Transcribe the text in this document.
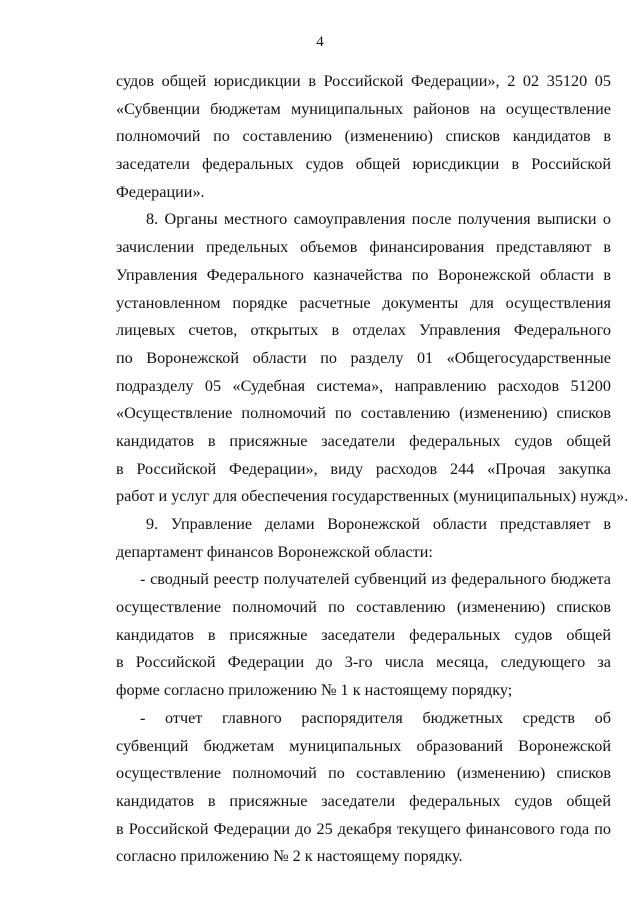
4
судов общей юрисдикции в Российской Федерации», 2 02 35120 05
«Субвенции бюджетам муниципальных районов на осуществление
полномочий по составлению (изменению) списков кандидатов в
заседатели федеральных судов общей юрисдикции в Российской
Федерации».
8. Органы местного самоуправления после получения выписки о
зачислении предельных объемов финансирования представляют в
Управления Федерального казначейства по Воронежской области в
установленном порядке расчетные документы для осуществления
лицевых счетов, открытых в отделах Управления Федерального
по Воронежской области по разделу 01 «Общегосударственные
подразделу 05 «Судебная система», направлению расходов 51200
«Осуществление полномочий по составлению (изменению) списков
кандидатов в присяжные заседатели федеральных судов общей
в Российской Федерации», виду расходов 244 «Прочая закупка
работ и услуг для обеспечения государственных (муниципальных) нужд».
9. Управление делами Воронежской области представляет в
департамент финансов Воронежской области:
- сводный реестр получателей субвенций из федерального бюджета
осуществление полномочий по составлению (изменению) списков
кандидатов в присяжные заседатели федеральных судов общей
в Российской Федерации до 3-го числа месяца, следующего за
форме согласно приложению № 1 к настоящему порядку;
- отчет главного распорядителя бюджетных средств об
субвенций бюджетам муниципальных образований Воронежской
осуществление полномочий по составлению (изменению) списков
кандидатов в присяжные заседатели федеральных судов общей
в Российской Федерации до 25 декабря текущего финансового года по
согласно приложению № 2 к настоящему порядку.
